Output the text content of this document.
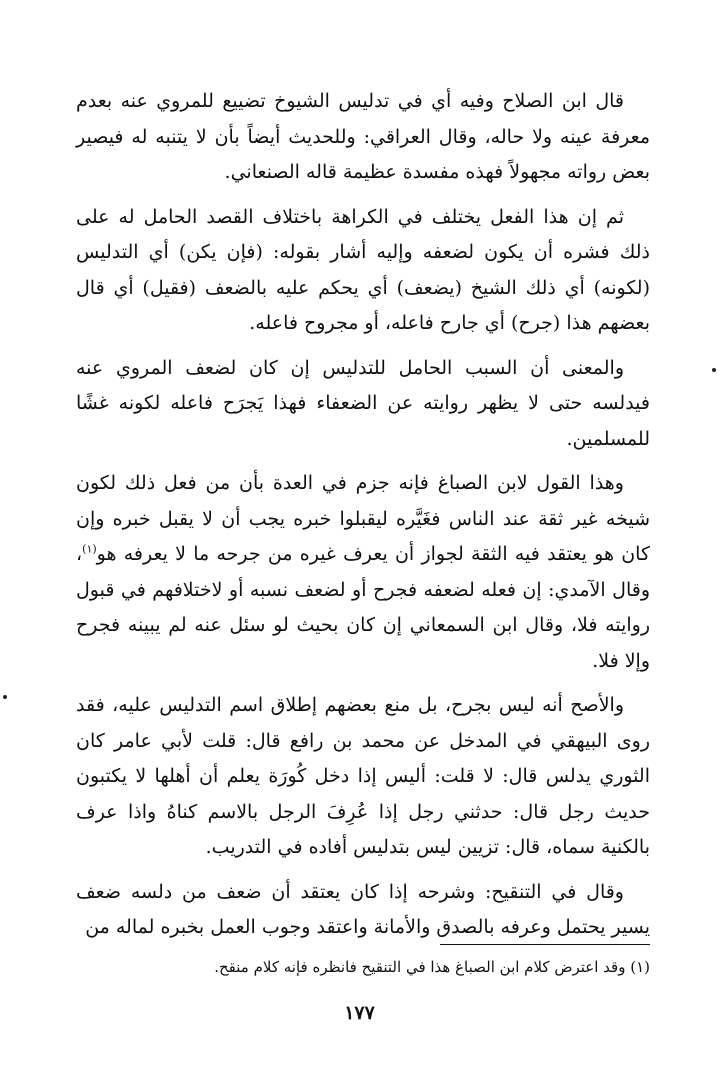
قال ابن الصلاح وفيه أي في تدليس الشيوخ تضييع للمروي عنه بعدم معرفة عينه ولا حاله، وقال العراقي: وللحديث أيضاً بأن لا يتنبه له فيصير بعض رواته مجهولاً فهذه مفسدة عظيمة قاله الصنعاني.

ثم إن هذا الفعل يختلف في الكراهة باختلاف القصد الحامل له على ذلك فشره أن يكون لضعفه وإليه أشار بقوله: (فإن يكن) أي التدليس (لكونه) أي ذلك الشيخ (يضعف) أي يحكم عليه بالضعف (فقيل) أي قال بعضهم هذا (جرح) أي جارح فاعله، أو مجروح فاعله.

والمعنى أن السبب الحامل للتدليس إن كان لضعف المروي عنه فيدلسه حتى لا يظهر روايته عن الضعفاء فهذا يَجرَح فاعله لكونه غشًا للمسلمين.

وهذا القول لابن الصباغ فإنه جزم في العدة بأن من فعل ذلك لكون شيخه غير ثقة عند الناس فغَيَّره ليقبلوا خبره يجب أن لا يقبل خبره وإن كان هو يعتقد فيه الثقة لجواز أن يعرف غيره من جرحه ما لا يعرفه هو$^{(١)}$، وقال الآمدي: إن فعله لضعفه فجرح أو لضعف نسبه أو لاختلافهم في قبول روايته فلا، وقال ابن السمعاني إن كان بحيث لو سئل عنه لم يبينه فجرح وإلا فلا.

والأصح أنه ليس بجرح، بل منع بعضهم إطلاق اسم التدليس عليه، فقد روى البيهقي في المدخل عن محمد بن رافع قال: قلت لأبي عامر كان الثوري يدلس قال: لا قلت: أليس إذا دخل كُورَة يعلم أن أهلها لا يكتبون حديث رجل قال: حدثني رجل إذا عُرِفَ الرجل بالاسم كناهُ واذا عرف بالكنية سماه، قال: تزيين ليس بتدليس أفاده في التدريب.

وقال في التنقيح: وشرحه إذا كان يعتقد أن ضعف من دلسه ضعف يسير يحتمل وعرفه بالصدق والأمانة واعتقد وجوب العمل بخبره لماله من

(١) وقد اعترض كلام ابن الصباغ هذا في التنقيح فانظره فإنه كلام منقح.

١٧٧
